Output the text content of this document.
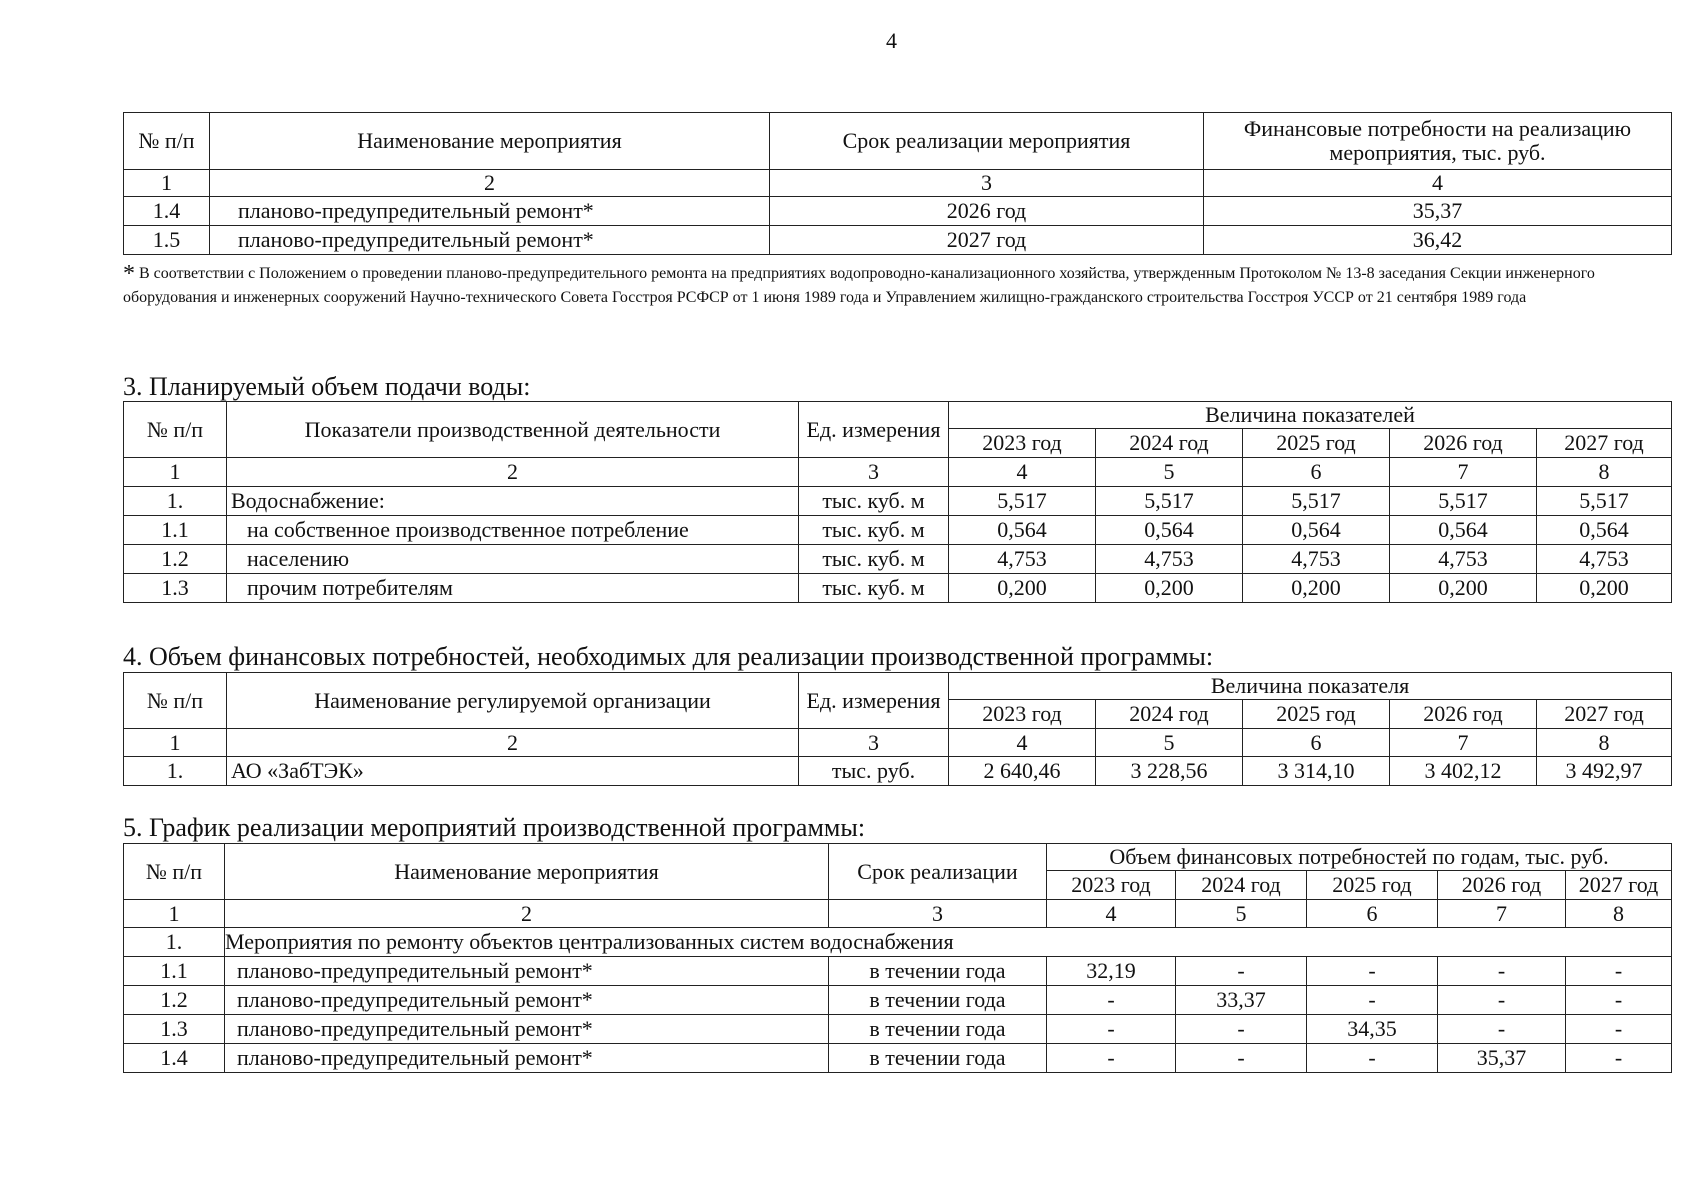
4
№ п/п	Наименование мероприятия	Срок реализации мероприятия	Финансовые потребности на реализацию мероприятия, тыс. руб.
1	2	3	4
1.4	планово-предупредительный ремонт*	2026 год	35,37
1.5	планово-предупредительный ремонт*	2027 год	36,42
* В соответствии с Положением о проведении планово-предупредительного ремонта на предприятиях водопроводно-канализационного хозяйства, утвержденным Протоколом № 13-8 заседания Секции инженерного оборудования и инженерных сооружений Научно-технического Совета Госстроя РСФСР от 1 июня 1989 года и Управлением жилищно-гражданского строительства Госстроя УССР от 21 сентября 1989 года
3. Планируемый объем подачи воды:
№ п/п	Показатели производственной деятельности	Ед. измерения	Величина показателей				
			2023 год	2024 год	2025 год	2026 год	2027 год
1	2	3	4	5	6	7	8
1.	Водоснабжение:	тыс. куб. м	5,517	5,517	5,517	5,517	5,517
1.1	на собственное производственное потребление	тыс. куб. м	0,564	0,564	0,564	0,564	0,564
1.2	населению	тыс. куб. м	4,753	4,753	4,753	4,753	4,753
1.3	прочим потребителям	тыс. куб. м	0,200	0,200	0,200	0,200	0,200
4. Объем финансовых потребностей, необходимых для реализации производственной программы:
№ п/п	Наименование регулируемой организации	Ед. измерения	Величина показателя				
			2023 год	2024 год	2025 год	2026 год	2027 год
1	2	3	4	5	6	7	8
1.	АО «ЗабТЭК»	тыс. руб.	2 640,46	3 228,56	3 314,10	3 402,12	3 492,97
5. График реализации мероприятий производственной программы:
№ п/п	Наименование мероприятия	Срок реализации	Объем финансовых потребностей по годам, тыс. руб.				
			2023 год	2024 год	2025 год	2026 год	2027 год
1	2	3	4	5	6	7	8
1.	Мероприятия по ремонту объектов централизованных систем водоснабжения						
1.1	планово-предупредительный ремонт*	в течении года	32,19	-	-	-	-
1.2	планово-предупредительный ремонт*	в течении года	-	33,37	-	-	-
1.3	планово-предупредительный ремонт*	в течении года	-	-	34,35	-	-
1.4	планово-предупредительный ремонт*	в течении года	-	-	-	35,37	-
